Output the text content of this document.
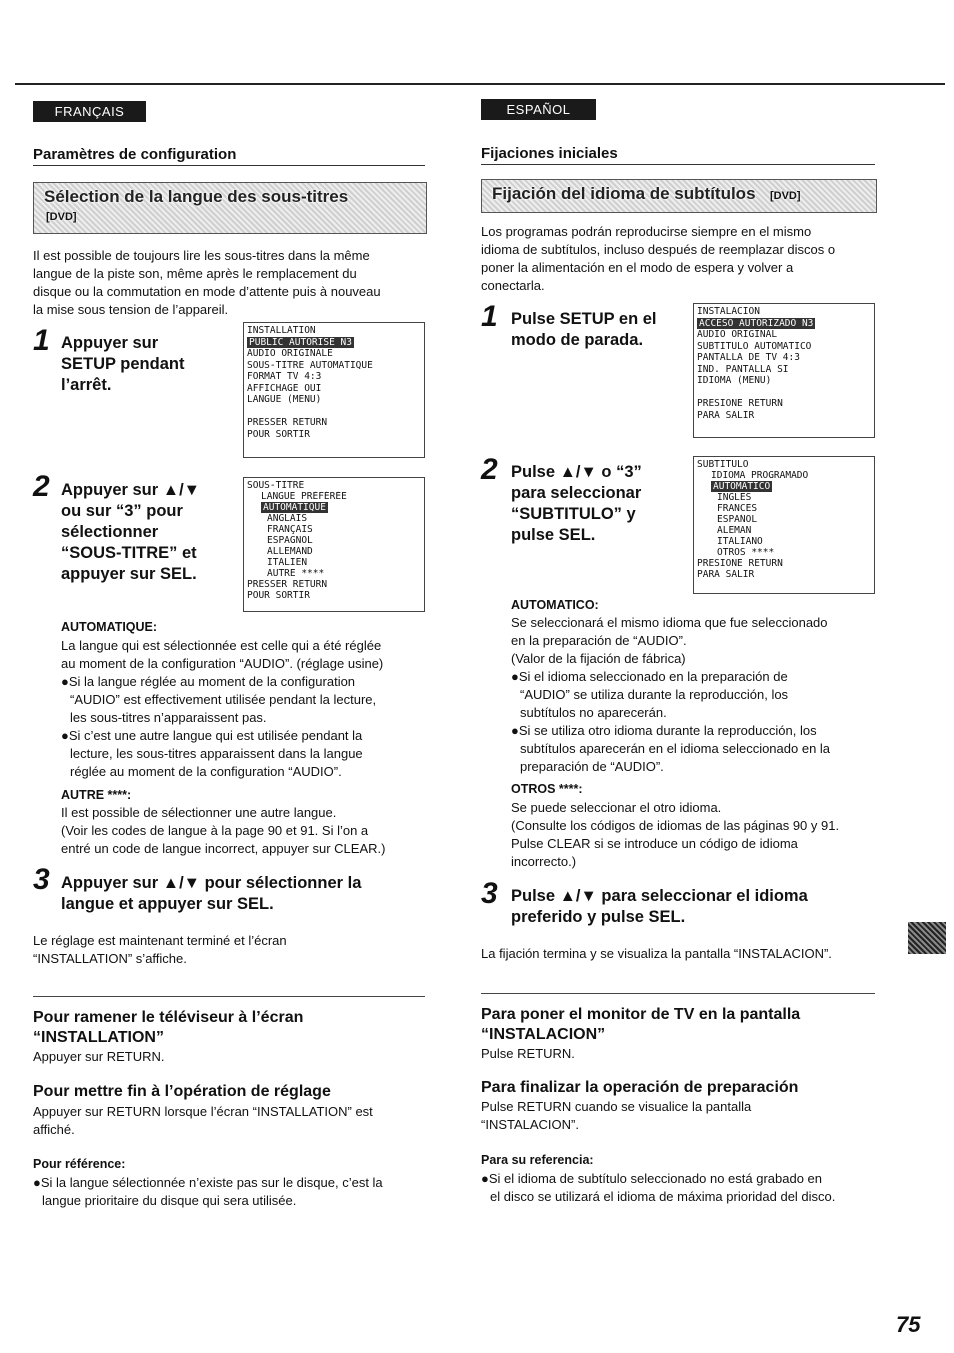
FRANÇAIS
Paramètres de configuration
Sélection de la langue des sous-titres
[DVD]
Il est possible de toujours lire les sous-titres dans la même
langue de la piste son, même après le remplacement du
disque ou la commutation en mode d’attente puis à nouveau
la mise sous tension de l’appareil.
1 Appuyer sur
SETUP pendant
l’arrêt.
INSTALLATION
PUBLIC AUTORISÉ N3
AUDIO ORIGINALE
SOUS-TITRE AUTOMATIQUE
FORMAT TV 4:3
AFFICHAGE OUI
LANGUE (MENU)

PRESSER RETURN
POUR SORTIR
2 Appuyer sur ▲/▼
ou sur “3” pour
sélectionner
“SOUS-TITRE” et
appuyer sur SEL.
SOUS-TITRE
LANGUE PRÉFÉRÉE
AUTOMATIQUE
ANGLAIS
FRANÇAIS
ESPAGNOL
ALLEMAND
ITALIEN
AUTRE ****
PRESSER RETURN
POUR SORTIR
AUTOMATIQUE:
La langue qui est sélectionnée est celle qui a été réglée
au moment de la configuration “AUDIO”. (réglage usine)
●Si la langue réglée au moment de la configuration
“AUDIO” est effectivement utilisée pendant la lecture,
les sous-titres n’apparaissent pas.
●Si c’est une autre langue qui est utilisée pendant la
lecture, les sous-titres apparaissent dans la langue
réglée au moment de la configuration “AUDIO”.
AUTRE ****:
Il est possible de sélectionner une autre langue.
(Voir les codes de langue à la page 90 et 91. Si l’on a
entré un code de langue incorrect, appuyer sur CLEAR.)
3 Appuyer sur ▲/▼ pour sélectionner la
langue et appuyer sur SEL.
Le réglage est maintenant terminé et l’écran
“INSTALLATION” s’affiche.
Pour ramener le téléviseur à l’écran
“INSTALLATION”
Appuyer sur RETURN.
Pour mettre fin à l’opération de réglage
Appuyer sur RETURN lorsque l’écran “INSTALLATION” est
affiché.
Pour référence:
●Si la langue sélectionnée n’existe pas sur le disque, c’est la
langue prioritaire du disque qui sera utilisée.
ESPAÑOL
Fijaciones iniciales
Fijación del idioma de subtítulos [DVD]
Los programas podrán reproducirse siempre en el mismo
idioma de subtítulos, incluso después de reemplazar discos o
poner la alimentación en el modo de espera y volver a
conectarla.
1 Pulse SETUP en el
modo de parada.
INSTALACION
ACCESO AUTORIZADO N3
AUDIO ORIGINAL
SUBTITULO AUTOMATICO
PANTALLA DE TV 4:3
IND. PANTALLA SI
IDIOMA (MENU)

PRESIONE RETURN
PARA SALIR
2 Pulse ▲/▼ o “3”
para seleccionar
“SUBTITULO” y
pulse SEL.
SUBTITULO
IDIOMA PROGRAMADO
AUTOMATICO
INGLES
FRANCES
ESPAÑOL
ALEMAN
ITALIANO
OTROS ****
PRESIONE RETURN
PARA SALIR
AUTOMATICO:
Se seleccionará el mismo idioma que fue seleccionado
en la preparación de “AUDIO”.
(Valor de la fijación de fábrica)
●Si el idioma seleccionado en la preparación de
“AUDIO” se utiliza durante la reproducción, los
subtítulos no aparecerán.
●Si se utiliza otro idioma durante la reproducción, los
subtítulos aparecerán en el idioma seleccionado en la
preparación de “AUDIO”.
OTROS ****:
Se puede seleccionar el otro idioma.
(Consulte los códigos de idiomas de las páginas 90 y 91.
Pulse CLEAR si se introduce un código de idioma
incorrecto.)
3 Pulse ▲/▼ para seleccionar el idioma
preferido y pulse SEL.
La fijación termina y se visualiza la pantalla “INSTALACION”.
Para poner el monitor de TV en la pantalla
“INSTALACION”
Pulse RETURN.
Para finalizar la operación de preparación
Pulse RETURN cuando se visualice la pantalla
“INSTALACION”.
Para su referencia:
●Si el idioma de subtítulo seleccionado no está grabado en
el disco se utilizará el idioma de máxima prioridad del disco.
75
